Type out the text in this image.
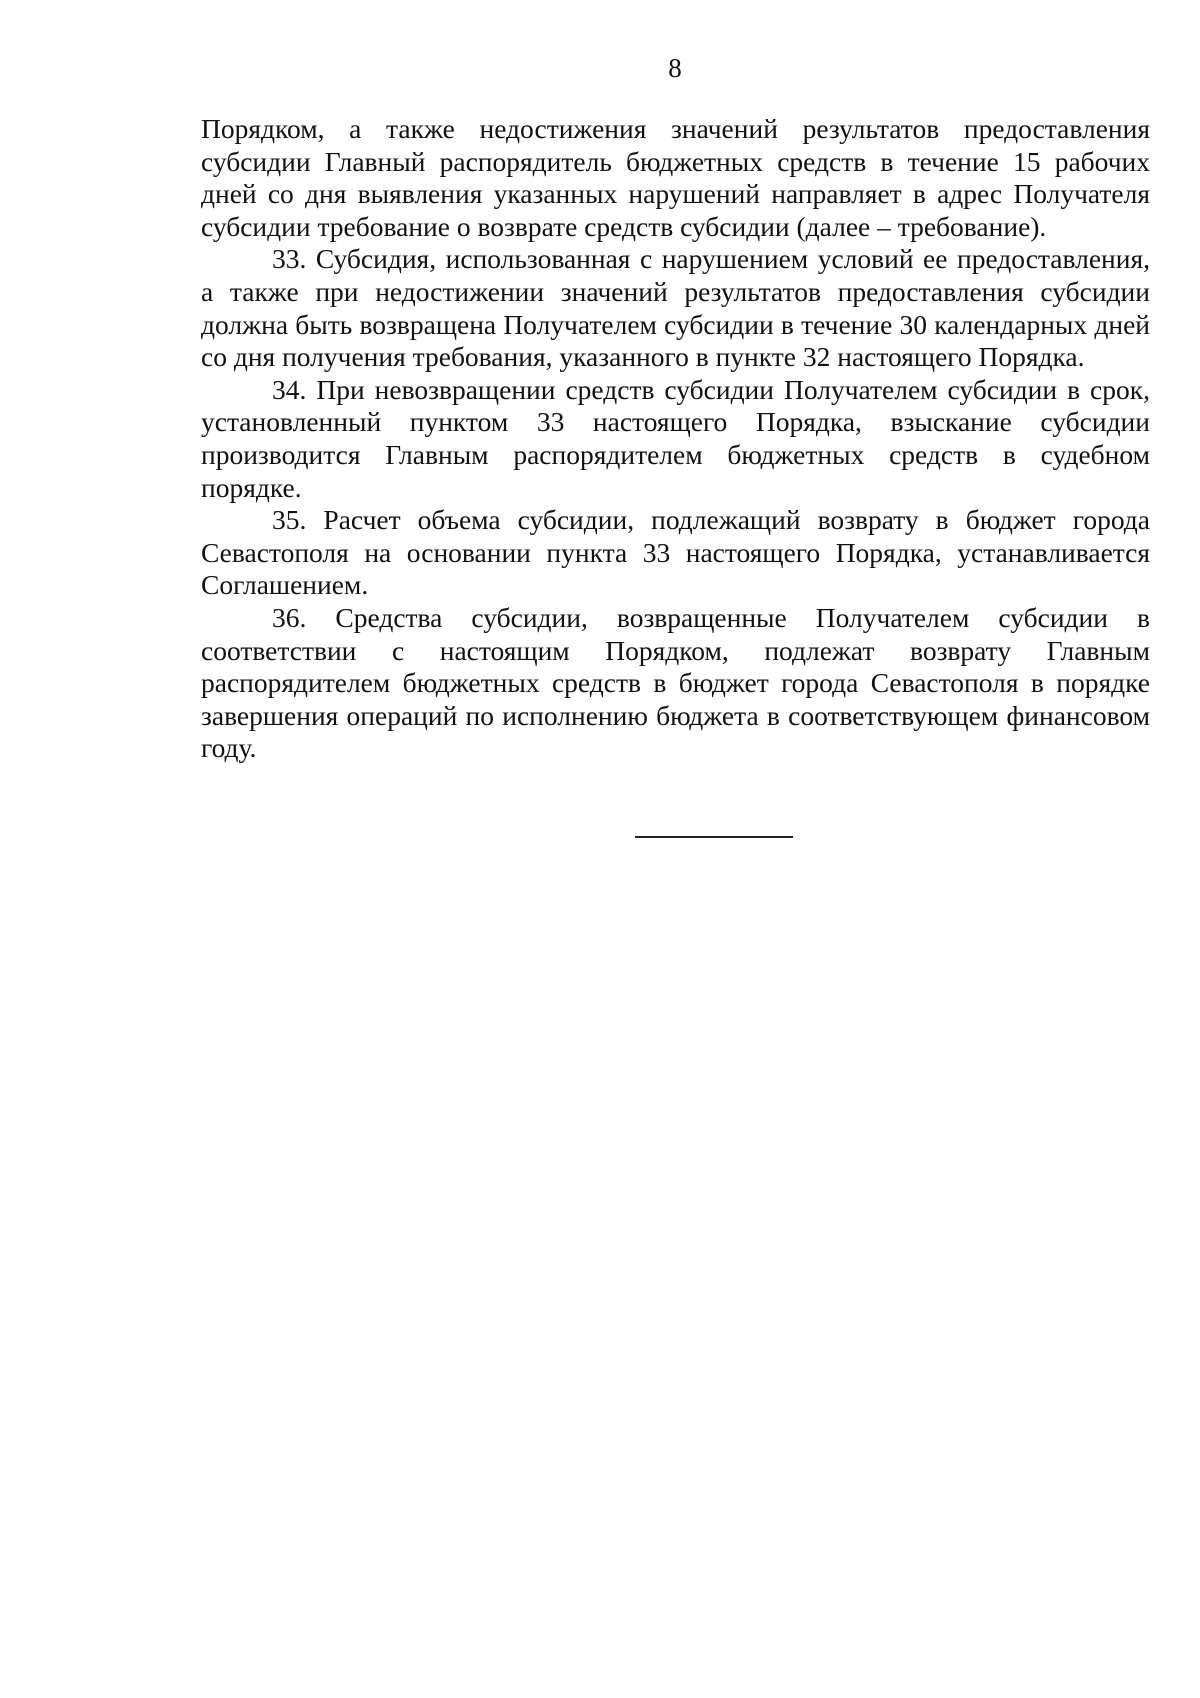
8

Порядком, а также недостижения значений результатов предоставления субсидии Главный распорядитель бюджетных средств в течение 15 рабочих дней со дня выявления указанных нарушений направляет в адрес Получателя субсидии требование о возврате средств субсидии (далее – требование).

33. Субсидия, использованная с нарушением условий ее предоставления, а также при недостижении значений результатов предоставления субсидии должна быть возвращена Получателем субсидии в течение 30 календарных дней со дня получения требования, указанного в пункте 32 настоящего Порядка.

34. При невозвращении средств субсидии Получателем субсидии в срок, установленный пунктом 33 настоящего Порядка, взыскание субсидии производится Главным распорядителем бюджетных средств в судебном порядке.

35. Расчет объема субсидии, подлежащий возврату в бюджет города Севастополя на основании пункта 33 настоящего Порядка, устанавливается Соглашением.

36. Средства субсидии, возвращенные Получателем субсидии в соответствии с настоящим Порядком, подлежат возврату Главным распорядителем бюджетных средств в бюджет города Севастополя в порядке завершения операций по исполнению бюджета в соответствующем финансовом году.
